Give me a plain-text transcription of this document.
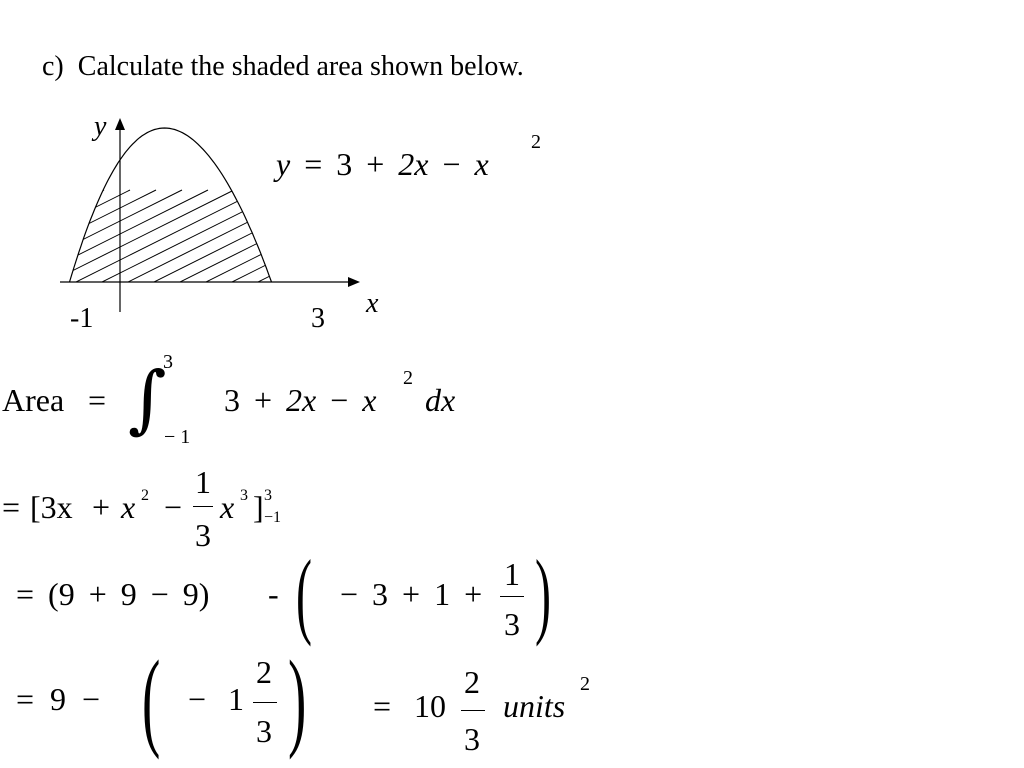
c) Calculate the shaded area shown below.
y
x
-1	3
y = 3 + 2x − x
2
Area = ∫
3
− 1
3 + 2x − x
2
dx
= [3x + x 2 −
1
3
x 3 ] 3
−1
= (9 + 9 − 9) - ( − 3 + 1 +
1
3 )
= 9 − ( − 1
2
3 ) = 10
2
3
units
2
